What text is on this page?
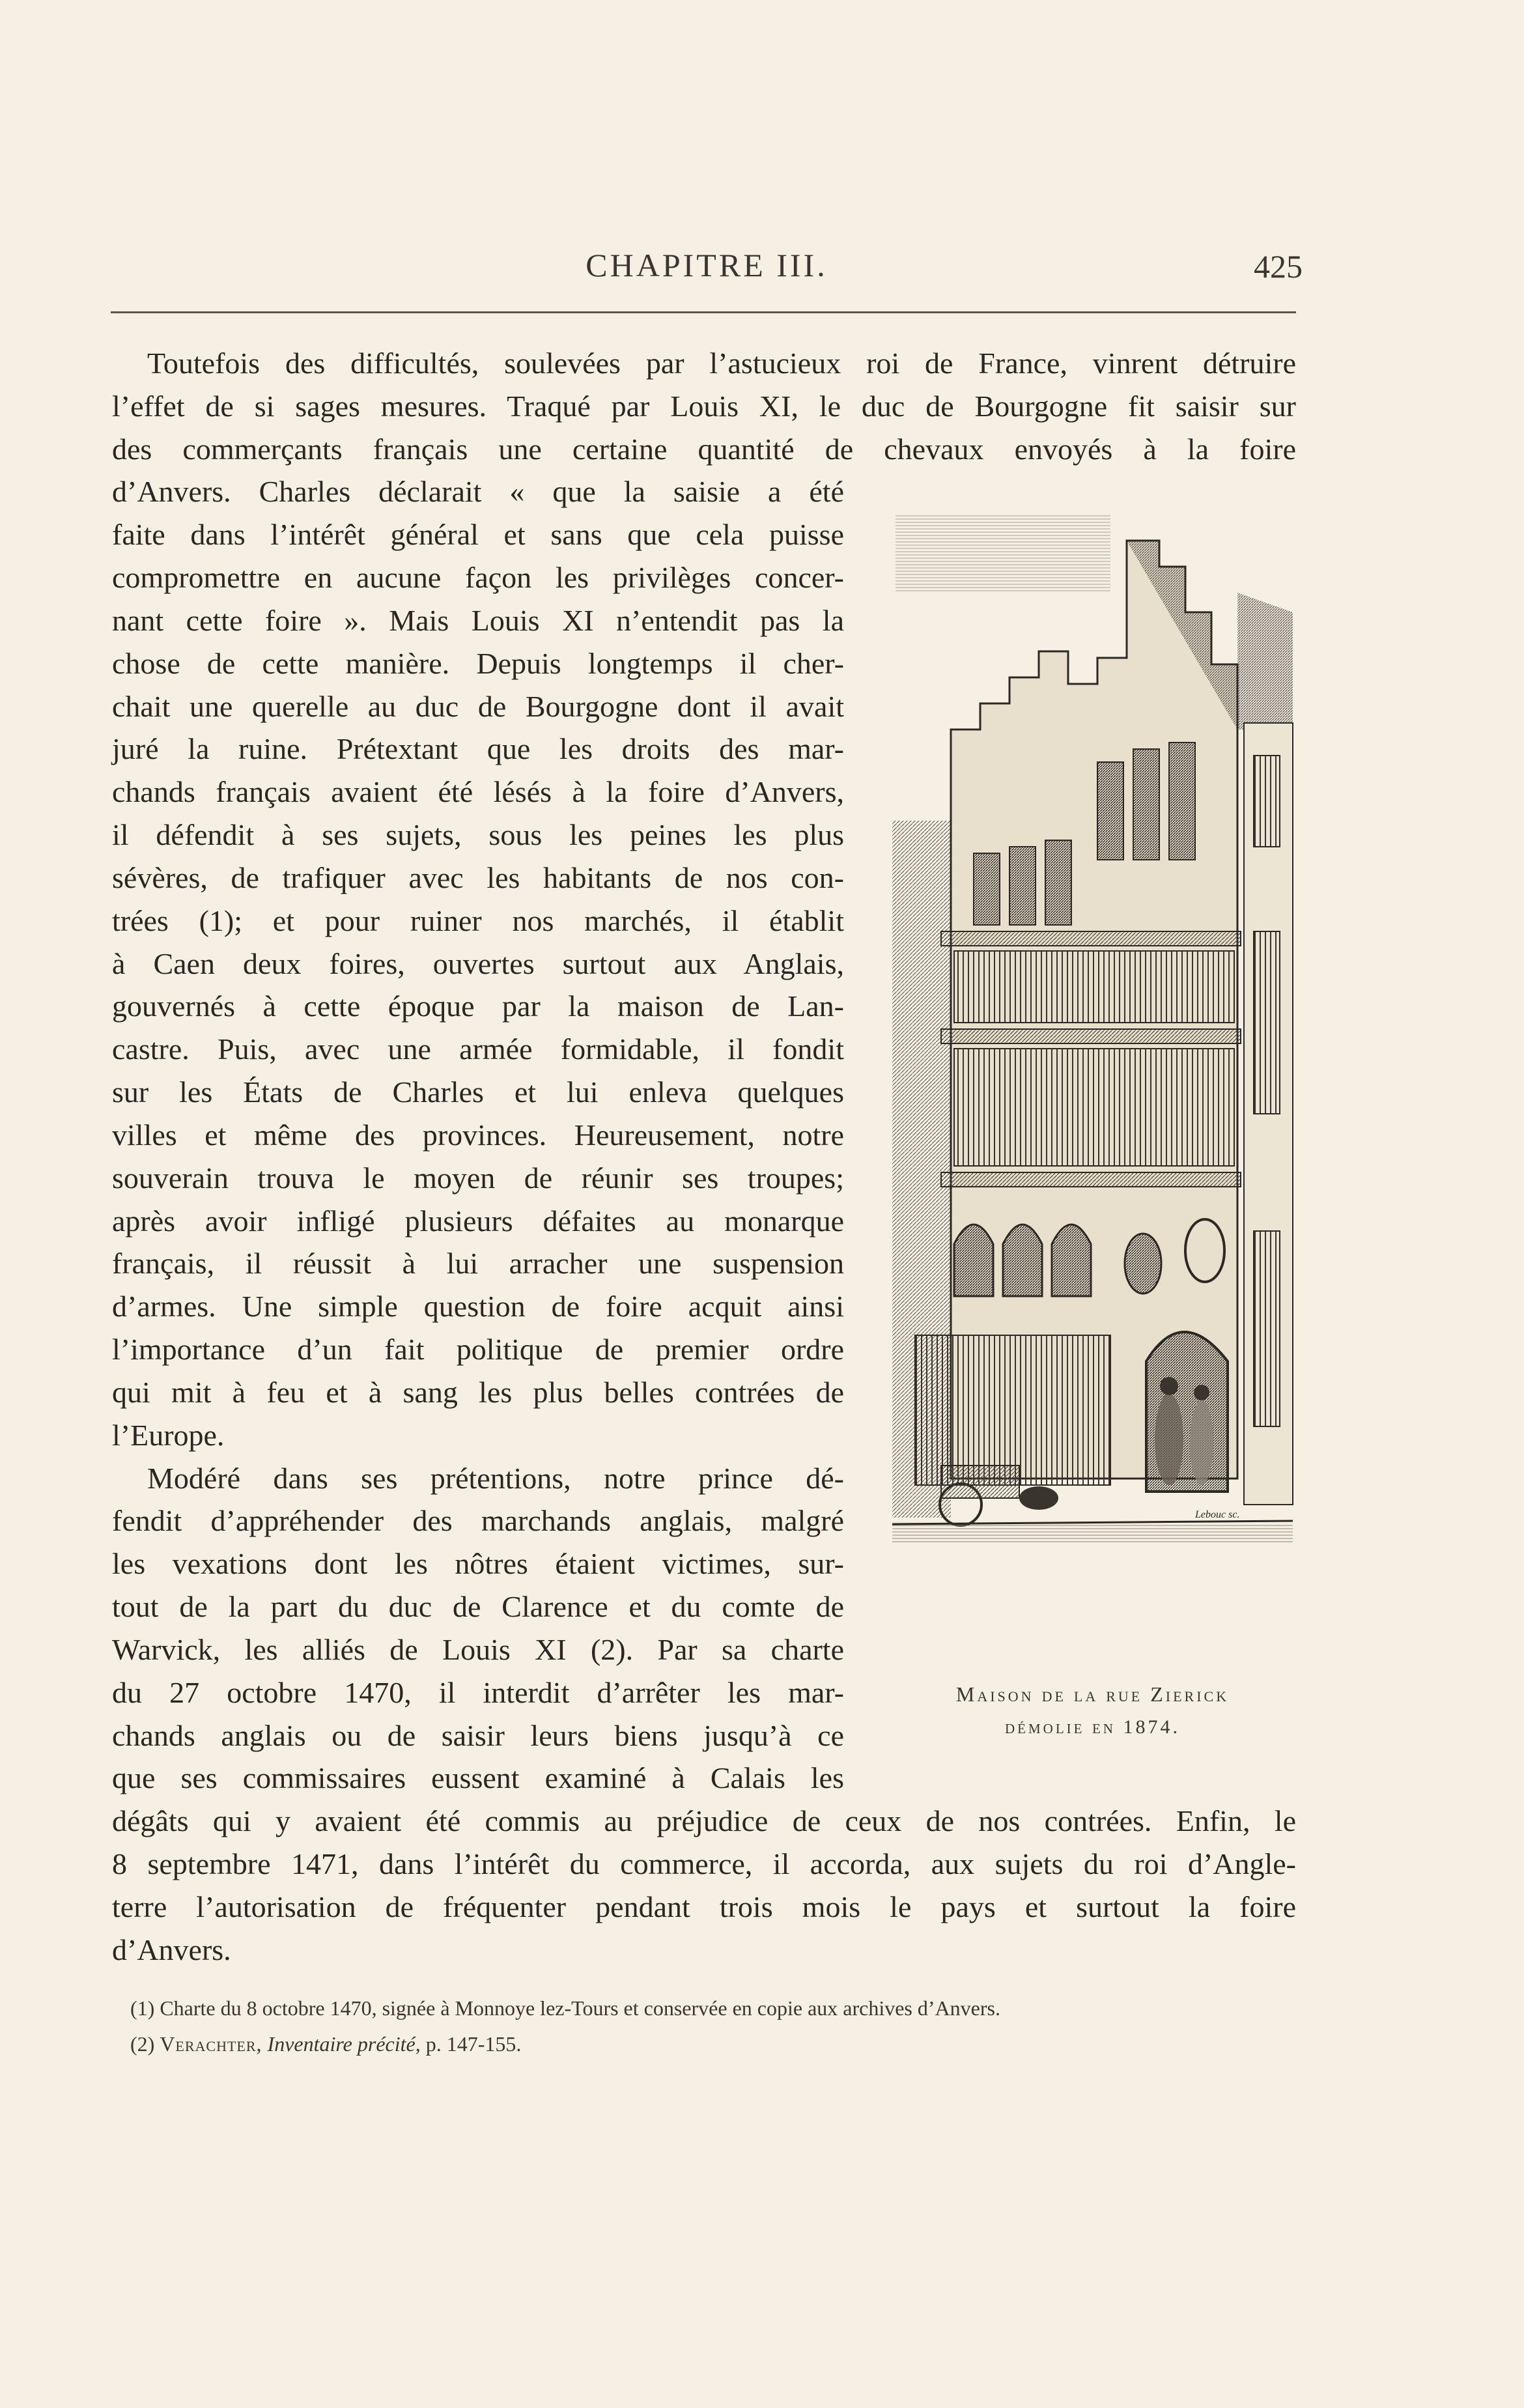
CHAPITRE III.	425
Toutefois des difficultés, soulevées par l’astucieux roi de France, vinrent détruire
l’effet de si sages mesures. Traqué par Louis XI, le duc de Bourgogne fit saisir sur
des commerçants français une certaine quantité de chevaux envoyés à la foire
d’Anvers. Charles déclarait « que la saisie a été
faite dans l’intérêt général et sans que cela puisse
compromettre en aucune façon les privilèges concer-
nant cette foire ». Mais Louis XI n’entendit pas la
chose de cette manière. Depuis longtemps il cher-
chait une querelle au duc de Bourgogne dont il avait
juré la ruine. Prétextant que les droits des mar-
chands français avaient été lésés à la foire d’Anvers,
il défendit à ses sujets, sous les peines les plus
sévères, de trafiquer avec les habitants de nos con-
trées (1); et pour ruiner nos marchés, il établit
à Caen deux foires, ouvertes surtout aux Anglais,
gouvernés à cette époque par la maison de Lan-
castre. Puis, avec une armée formidable, il fondit
sur les États de Charles et lui enleva quelques
villes et même des provinces. Heureusement, notre
souverain trouva le moyen de réunir ses troupes;
après avoir infligé plusieurs défaites au monarque
français, il réussit à lui arracher une suspension
d’armes. Une simple question de foire acquit ainsi
l’importance d’un fait politique de premier ordre
qui mit à feu et à sang les plus belles contrées de
l’Europe.
Modéré dans ses prétentions, notre prince dé-
fendit d’appréhender des marchands anglais, malgré
les vexations dont les nôtres étaient victimes, sur-
tout de la part du duc de Clarence et du comte de
Warvick, les alliés de Louis XI (2). Par sa charte
du 27 octobre 1470, il interdit d’arrêter les mar-
chands anglais ou de saisir leurs biens jusqu’à ce
que ses commissaires eussent examiné à Calais les
dégâts qui y avaient été commis au préjudice de ceux de nos contrées. Enfin, le
8 septembre 1471, dans l’intérêt du commerce, il accorda, aux sujets du roi d’Angle-
terre l’autorisation de fréquenter pendant trois mois le pays et surtout la foire
d’Anvers.
Lebouc sc.
Maison de la rue Zierick
démolie en 1874.
(1) Charte du 8 octobre 1470, signée à Monnoye lez-Tours et conservée en copie aux archives d’Anvers.
(2) Verachter, Inventaire précité, p. 147-155.
